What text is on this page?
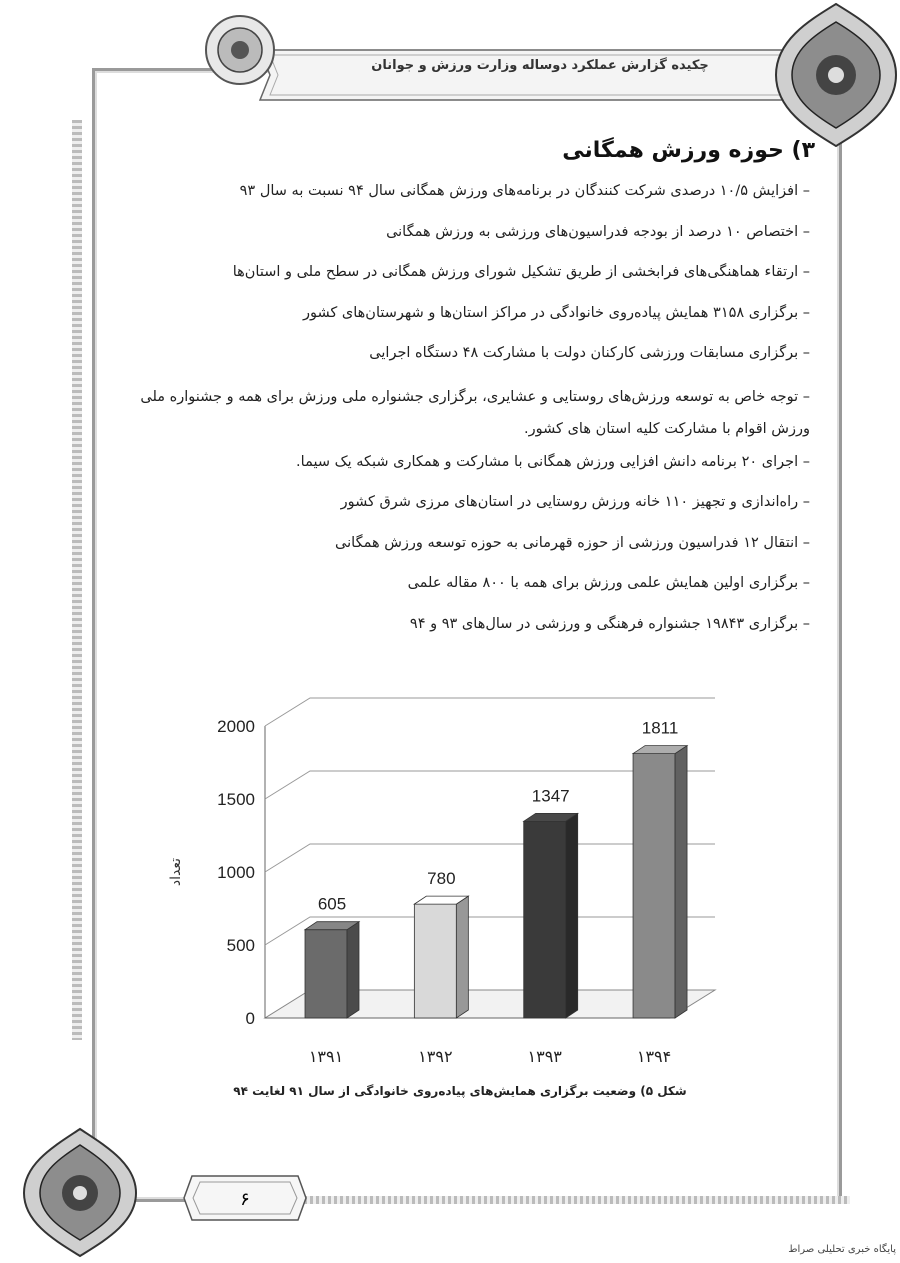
چکیده گزارش عملکرد دوساله وزارت ورزش و جوانان
۳) حوزه ورزش همگانی
– افزایش ۱۰/۵ درصدی شرکت کنندگان در برنامه‌های ورزش همگانی سال ۹۴ نسبت به سال ۹۳
– اختصاص ۱۰ درصد از بودجه فدراسیون‌های ورزشی به ورزش همگانی
– ارتقاء هماهنگی‌های فرابخشی از طریق تشکیل شورای ورزش همگانی در سطح ملی و استان‌ها
– برگزاری ۳۱۵۸ همایش پیاده‌روی خانوادگی در مراکز استان‌ها و شهرستان‌های کشور
– برگزاری مسابقات ورزشی کارکنان دولت با مشارکت ۴۸ دستگاه اجرایی
– توجه خاص به توسعه ورزش‌های روستایی و عشایری، برگزاری جشنواره ملی ورزش برای همه و جشنواره ملی ورزش اقوام با مشارکت کلیه استان های کشور.
– اجرای ۲۰ برنامه دانش افزایی ورزش همگانی با مشارکت و همکاری شبکه یک سیما.
– راه‌اندازی و تجهیز ۱۱۰ خانه ورزش روستایی در استان‌های مرزی شرق کشور
– انتقال ۱۲ فدراسیون ورزشی از حوزه قهرمانی به حوزه توسعه ورزش همگانی
– برگزاری اولین همایش علمی ورزش برای همه با ۸۰۰ مقاله علمی
– برگزاری ۱۹۸۴۳ جشنواره فرهنگی و ورزشی در سال‌های ۹۳ و ۹۴
0
500
1000
1500
2000
تعداد
605
۱۳۹۱
780
۱۳۹۲
1347
۱۳۹۳
1811
۱۳۹۴
شکل ۵) وضعیت برگزاری همایش‌های پیاده‌روی خانوادگی از سال ۹۱ لغایت ۹۴
۶
پایگاه خبری تحلیلی صراط
